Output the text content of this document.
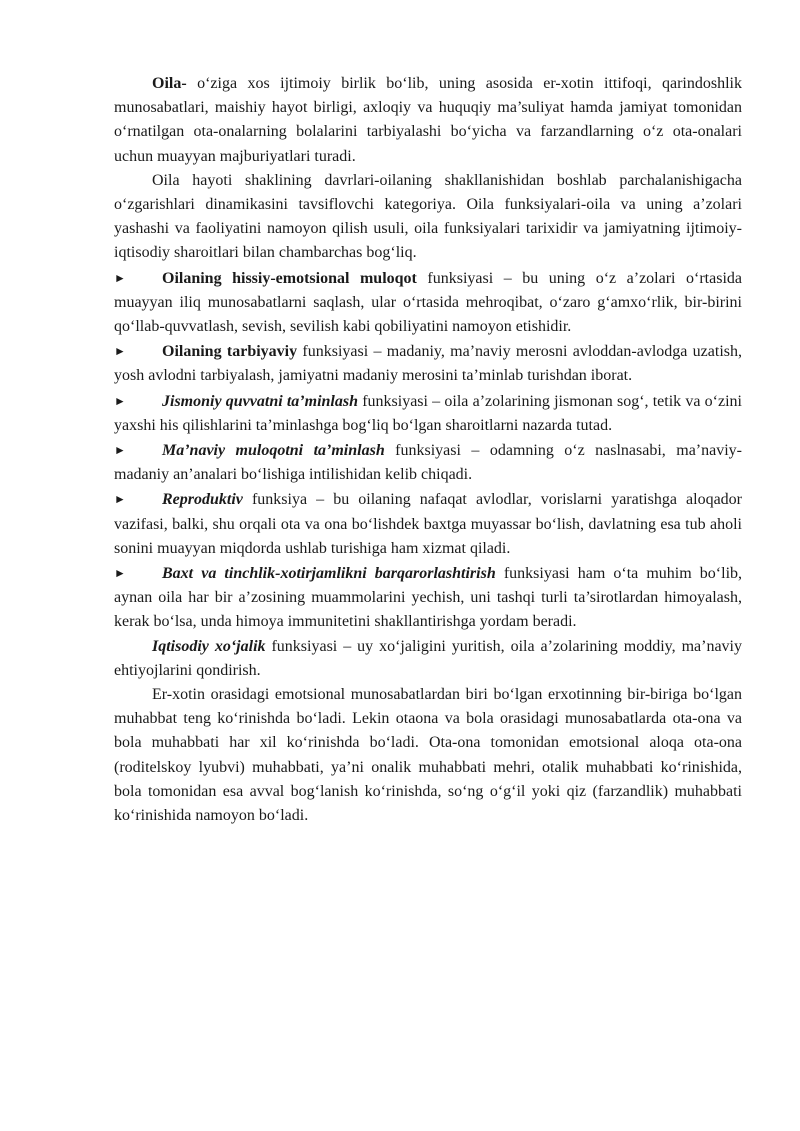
Oila- o‘ziga xos ijtimoiy birlik bo‘lib, uning asosida er-xotin ittifoqi, qarindoshlik munosabatlari, maishiy hayot birligi, axloqiy va huquqiy ma’suliyat hamda jamiyat tomonidan o‘rnatilgan ota-onalarning bolalarini tarbiyalashi bo‘yicha va farzandlarning o‘z ota-onalari uchun muayyan majburiyatlari turadi.

Oila hayoti shaklining davrlari-oilaning shakllanishidan boshlab parchalanishigacha o‘zgarishlari dinamikasini tavsiflovchi kategoriya. Oila funksiyalari-oila va uning a’zolari yashashi va faoliyatini namoyon qilish usuli, oila funksiyalari tarixidir va jamiyatning ijtimoiy-iqtisodiy sharoitlari bilan chambarchas bog‘liq.

► Oilaning hissiy-emotsional muloqot funksiyasi – bu uning o‘z a’zolari o‘rtasida muayyan iliq munosabatlarni saqlash, ular o‘rtasida mehroqibat, o‘zaro g‘amxo‘rlik, bir-birini qo‘llab-quvvatlash, sevish, sevilish kabi qobiliyatini namoyon etishidir.

► Oilaning tarbiyaviy funksiyasi – madaniy, ma’naviy merosni avloddan-avlodga uzatish, yosh avlodni tarbiyalash, jamiyatni madaniy merosini ta’minlab turishdan iborat.

► Jismoniy quvvatni ta’minlash funksiyasi – oila a’zolarining jismonan sog‘, tetik va o‘zini yaxshi his qilishlarini ta’minlashga bog‘liq bo‘lgan sharoitlarni nazarda tutad.

► Ma’naviy muloqotni ta’minlash funksiyasi – odamning o‘z naslnasabi, ma’naviy-madaniy an’analari bo‘lishiga intilishidan kelib chiqadi.

► Reproduktiv funksiya – bu oilaning nafaqat avlodlar, vorislarni yaratishga aloqador vazifasi, balki, shu orqali ota va ona bo‘lishdek baxtga muyassar bo‘lish, davlatning esa tub aholi sonini muayyan miqdorda ushlab turishiga ham xizmat qiladi.

► Baxt va tinchlik-xotirjamlikni barqarorlashtirish funksiyasi ham o‘ta muhim bo‘lib, aynan oila har bir a’zosining muammolarini yechish, uni tashqi turli ta’sirotlardan himoyalash, kerak bo‘lsa, unda himoya immunitetini shakllantirishga yordam beradi.

Iqtisodiy xo‘jalik funksiyasi – uy xo‘jaligini yuritish, oila a’zolarining moddiy, ma’naviy ehtiyojlarini qondirish.

Er-xotin orasidagi emotsional munosabatlardan biri bo‘lgan erxotinning bir-biriga bo‘lgan muhabbat teng ko‘rinishda bo‘ladi. Lekin otaona va bola orasidagi munosabatlarda ota-ona va bola muhabbati har xil ko‘rinishda bo‘ladi. Ota-ona tomonidan emotsional aloqa ota-ona (roditelskoy lyubvi) muhabbati, ya’ni onalik muhabbati mehri, otalik muhabbati ko‘rinishida, bola tomonidan esa avval bog‘lanish ko‘rinishda, so‘ng o‘g‘il yoki qiz (farzandlik) muhabbati ko‘rinishida namoyon bo‘ladi.
